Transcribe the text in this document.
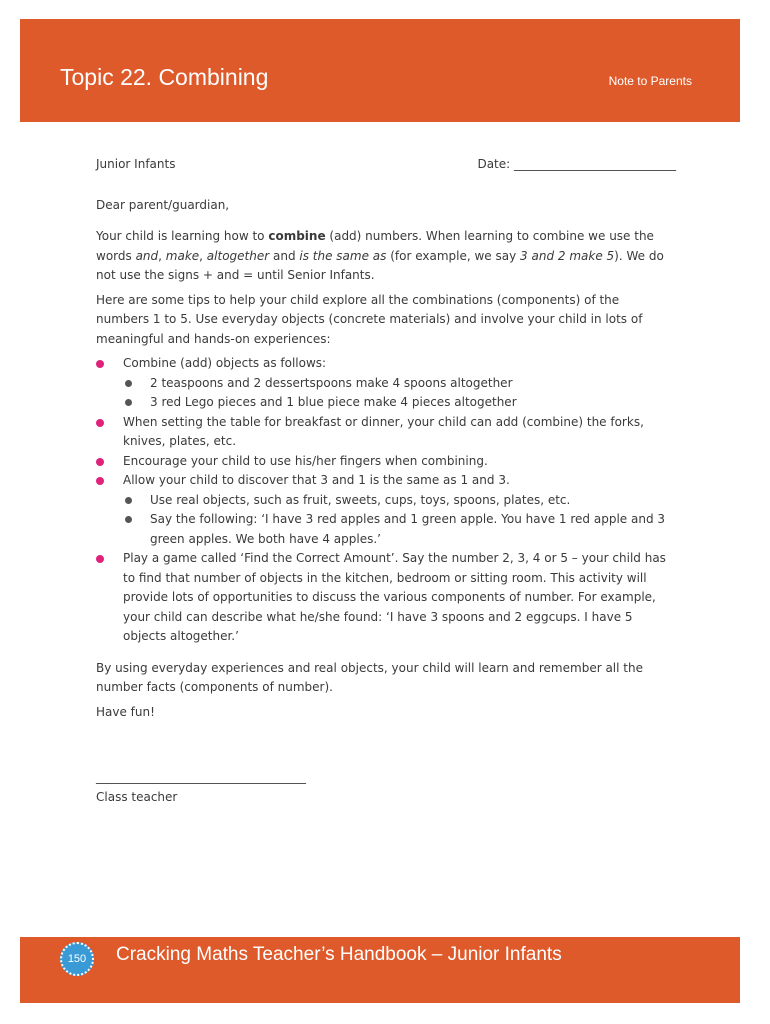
Topic 22. Combining	Note to Parents
Junior Infants	Date: ___________________________
Dear parent/guardian,
Your child is learning how to combine (add) numbers. When learning to combine we use the words and, make, altogether and is the same as (for example, we say 3 and 2 make 5). We do not use the signs + and = until Senior Infants.
Here are some tips to help your child explore all the combinations (components) of the numbers 1 to 5. Use everyday objects (concrete materials) and involve your child in lots of meaningful and hands-on experiences:
Combine (add) objects as follows:
2 teaspoons and 2 dessertspoons make 4 spoons altogether
3 red Lego pieces and 1 blue piece make 4 pieces altogether
When setting the table for breakfast or dinner, your child can add (combine) the forks, knives, plates, etc.
Encourage your child to use his/her fingers when combining.
Allow your child to discover that 3 and 1 is the same as 1 and 3.
Use real objects, such as fruit, sweets, cups, toys, spoons, plates, etc.
Say the following: ‘I have 3 red apples and 1 green apple. You have 1 red apple and 3 green apples. We both have 4 apples.’
Play a game called ‘Find the Correct Amount’. Say the number 2, 3, 4 or 5 – your child has to find that number of objects in the kitchen, bedroom or sitting room. This activity will provide lots of opportunities to discuss the various components of number. For example, your child can describe what he/she found: ‘I have 3 spoons and 2 eggcups. I have 5 objects altogether.’
By using everyday experiences and real objects, your child will learn and remember all the number facts (components of number).
Have fun!
___________________________________
Class teacher
150	Cracking Maths Teacher’s Handbook – Junior Infants
